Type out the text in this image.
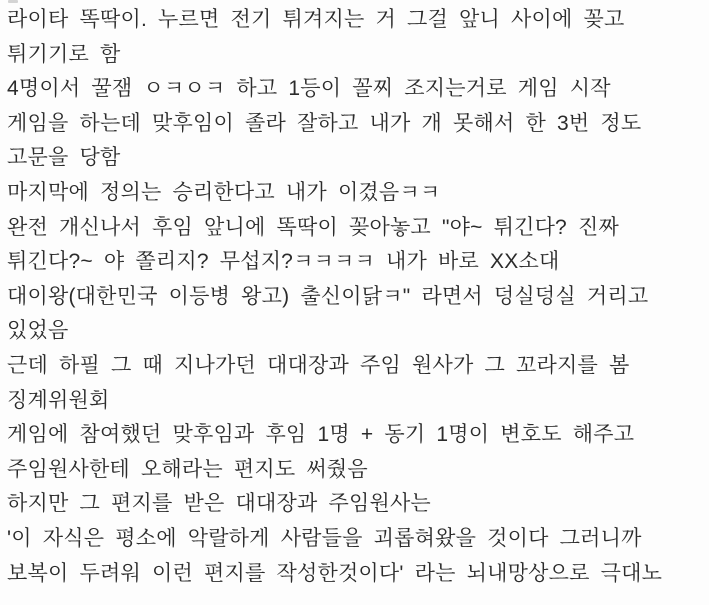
라이타 똑딱이. 누르면 전기 튀겨지는 거 그걸 앞니 사이에 꽂고
튀기기로 함
4명이서 꿀잼 ㅇㅋㅇㅋ 하고 1등이 꼴찌 조지는거로 게임 시작
게임을 하는데 맞후임이 졸라 잘하고 내가 개 못해서 한 3번 정도
고문을 당함
마지막에 정의는 승리한다고 내가 이겼음ㅋㅋ
완전 개신나서 후임 앞니에 똑딱이 꽂아놓고 "야~ 튀긴다? 진짜
튀긴다?~ 야 쫄리지? 무섭지?ㅋㅋㅋㅋ 내가 바로 XX소대
대이왕(대한민국 이등병 왕고) 출신이닭ㅋ" 라면서 덩실덩실 거리고
있었음
근데 하필 그 때 지나가던 대대장과 주임 원사가 그 꼬라지를 봄
징계위원회
게임에 참여했던 맞후임과 후임 1명 + 동기 1명이 변호도 해주고
주임원사한테 오해라는 편지도 써줬음
하지만 그 편지를 받은 대대장과 주임원사는
'이 자식은 평소에 악랄하게 사람들을 괴롭혀왔을 것이다 그러니까
보복이 두려워 이런 편지를 작성한것이다' 라는 뇌내망상으로 극대노
